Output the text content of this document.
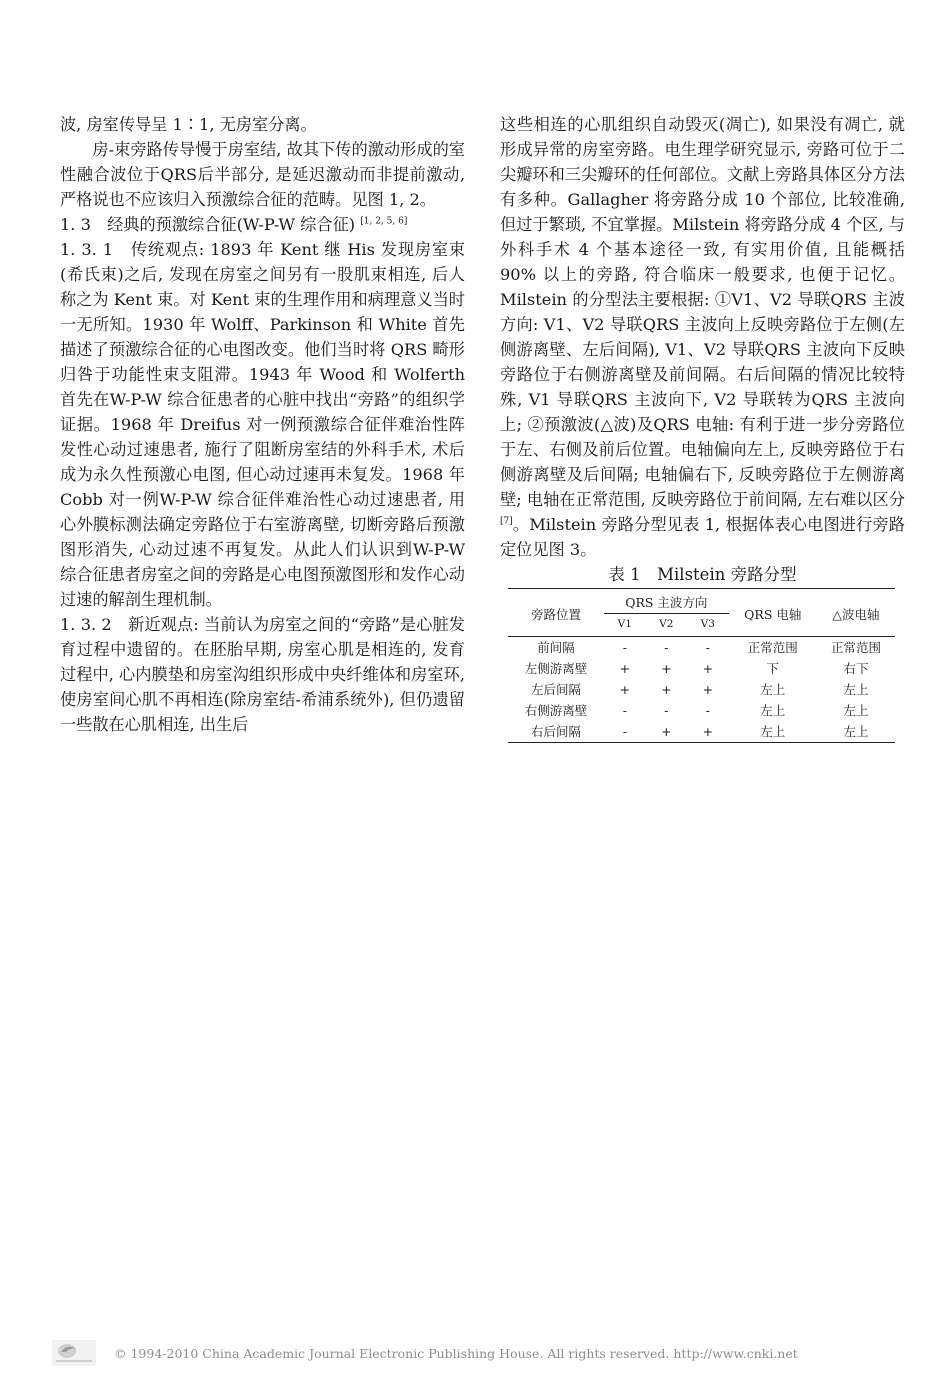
波, 房室传导呈 1∶1, 无房室分离。

房-束旁路传导慢于房室结, 故其下传的激动形成的室性融合波位于QRS后半部分, 是延迟激动而非提前激动, 严格说也不应该归入预激综合征的范畴。见图 1, 2。

1. 3　经典的预激综合征(W-P-W 综合征) [1, 2, 5, 6]

1. 3. 1　传统观点: 1893 年 Kent 继 His 发现房室束(希氏束)之后, 发现在房室之间另有一股肌束相连, 后人称之为 Kent 束。对 Kent 束的生理作用和病理意义当时一无所知。1930 年 Wolff、Parkinson 和 White 首先描述了预激综合征的心电图改变。他们当时将 QRS 畸形归咎于功能性束支阻滞。1943 年 Wood 和 Wolferth 首先在W-P-W 综合征患者的心脏中找出“旁路”的组织学证据。1968 年 Dreifus 对一例预激综合征伴难治性阵发性心动过速患者, 施行了阻断房室结的外科手术, 术后成为永久性预激心电图, 但心动过速再未复发。1968 年 Cobb 对一例W-P-W 综合征伴难治性心动过速患者, 用心外膜标测法确定旁路位于右室游离壁, 切断旁路后预激图形消失, 心动过速不再复发。从此人们认识到W-P-W 综合征患者房室之间的旁路是心电图预激图形和发作心动过速的解剖生理机制。

1. 3. 2　新近观点: 当前认为房室之间的“旁路”是心脏发育过程中遗留的。在胚胎早期, 房室心肌是相连的, 发育过程中, 心内膜垫和房室沟组织形成中央纤维体和房室环, 使房室间心肌不再相连(除房室结-希浦系统外), 但仍遗留一些散在心肌相连, 出生后

这些相连的心肌组织自动毁灭(凋亡), 如果没有凋亡, 就形成异常的房室旁路。电生理学研究显示, 旁路可位于二尖瓣环和三尖瓣环的任何部位。文献上旁路具体区分方法有多种。Gallagher 将旁路分成 10 个部位, 比较准确, 但过于繁琐, 不宜掌握。Milstein 将旁路分成 4 个区, 与外科手术 4 个基本途径一致, 有实用价值, 且能概括 90% 以上的旁路, 符合临床一般要求, 也便于记忆。Milstein 的分型法主要根据: ①V1、V2 导联QRS 主波方向: V1、V2 导联QRS 主波向上反映旁路位于左侧(左侧游离壁、左后间隔), V1、V2 导联QRS 主波向下反映旁路位于右侧游离壁及前间隔。右后间隔的情况比较特殊, V1 导联QRS 主波向下, V2 导联转为QRS 主波向上; ②预激波(△波)及QRS 电轴: 有利于进一步分旁路位于左、右侧及前后位置。电轴偏向左上, 反映旁路位于右侧游离壁及后间隔; 电轴偏右下, 反映旁路位于左侧游离壁; 电轴在正常范围, 反映旁路位于前间隔, 左右难以区分[7]。Milstein 旁路分型见表 1, 根据体表心电图进行旁路定位见图 3。

表 1　Milstein 旁路分型
旁路位置	QRS 主波方向			QRS 电轴	△波电轴
	V1	V2	V3		
前间隔	-	-	-	正常范围	正常范围
左侧游离壁	+	+	+	下	右下
左后间隔	+	+	+	左上	左上
右侧游离壁	-	-	-	左上	左上
右后间隔	-	+	+	左上	左上
© 1994-2010 China Academic Journal Electronic Publishing House. All rights reserved. http://www.cnki.net
